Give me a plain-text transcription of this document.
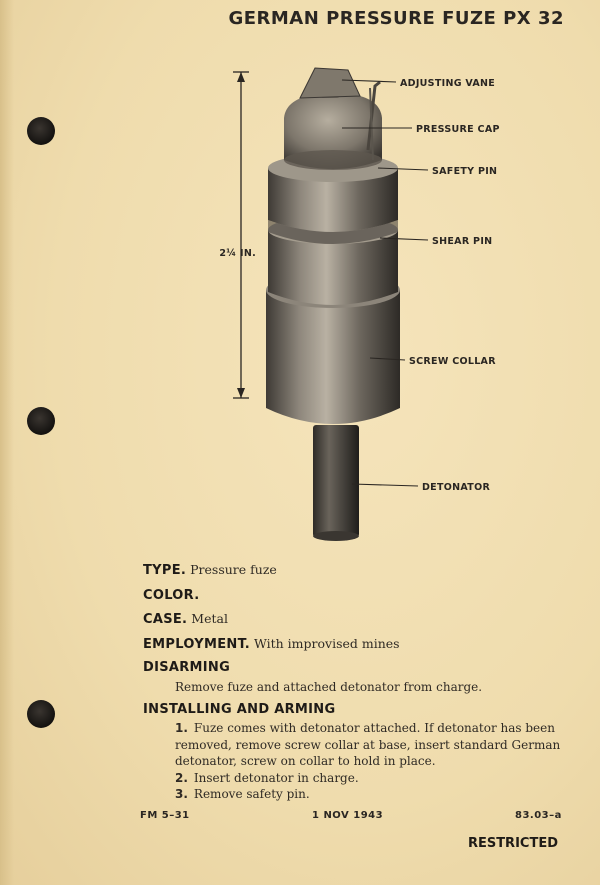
GERMAN PRESSURE FUZE PX 32
2¼ IN.
ADJUSTING VANE
PRESSURE CAP
SAFETY PIN
SHEAR PIN
SCREW COLLAR
DETONATOR
TYPE. Pressure fuze
COLOR.
CASE. Metal
EMPLOYMENT. With improvised mines
DISARMING
Remove fuze and attached detonator from charge.
INSTALLING AND ARMING
1. Fuze comes with detonator attached. If detonator has been removed, remove screw collar at base, insert standard German detonator, screw on collar to hold in place.
2. Insert detonator in charge.
3. Remove safety pin.
FM 5–31	1 NOV 1943	83.03–a
RESTRICTED
